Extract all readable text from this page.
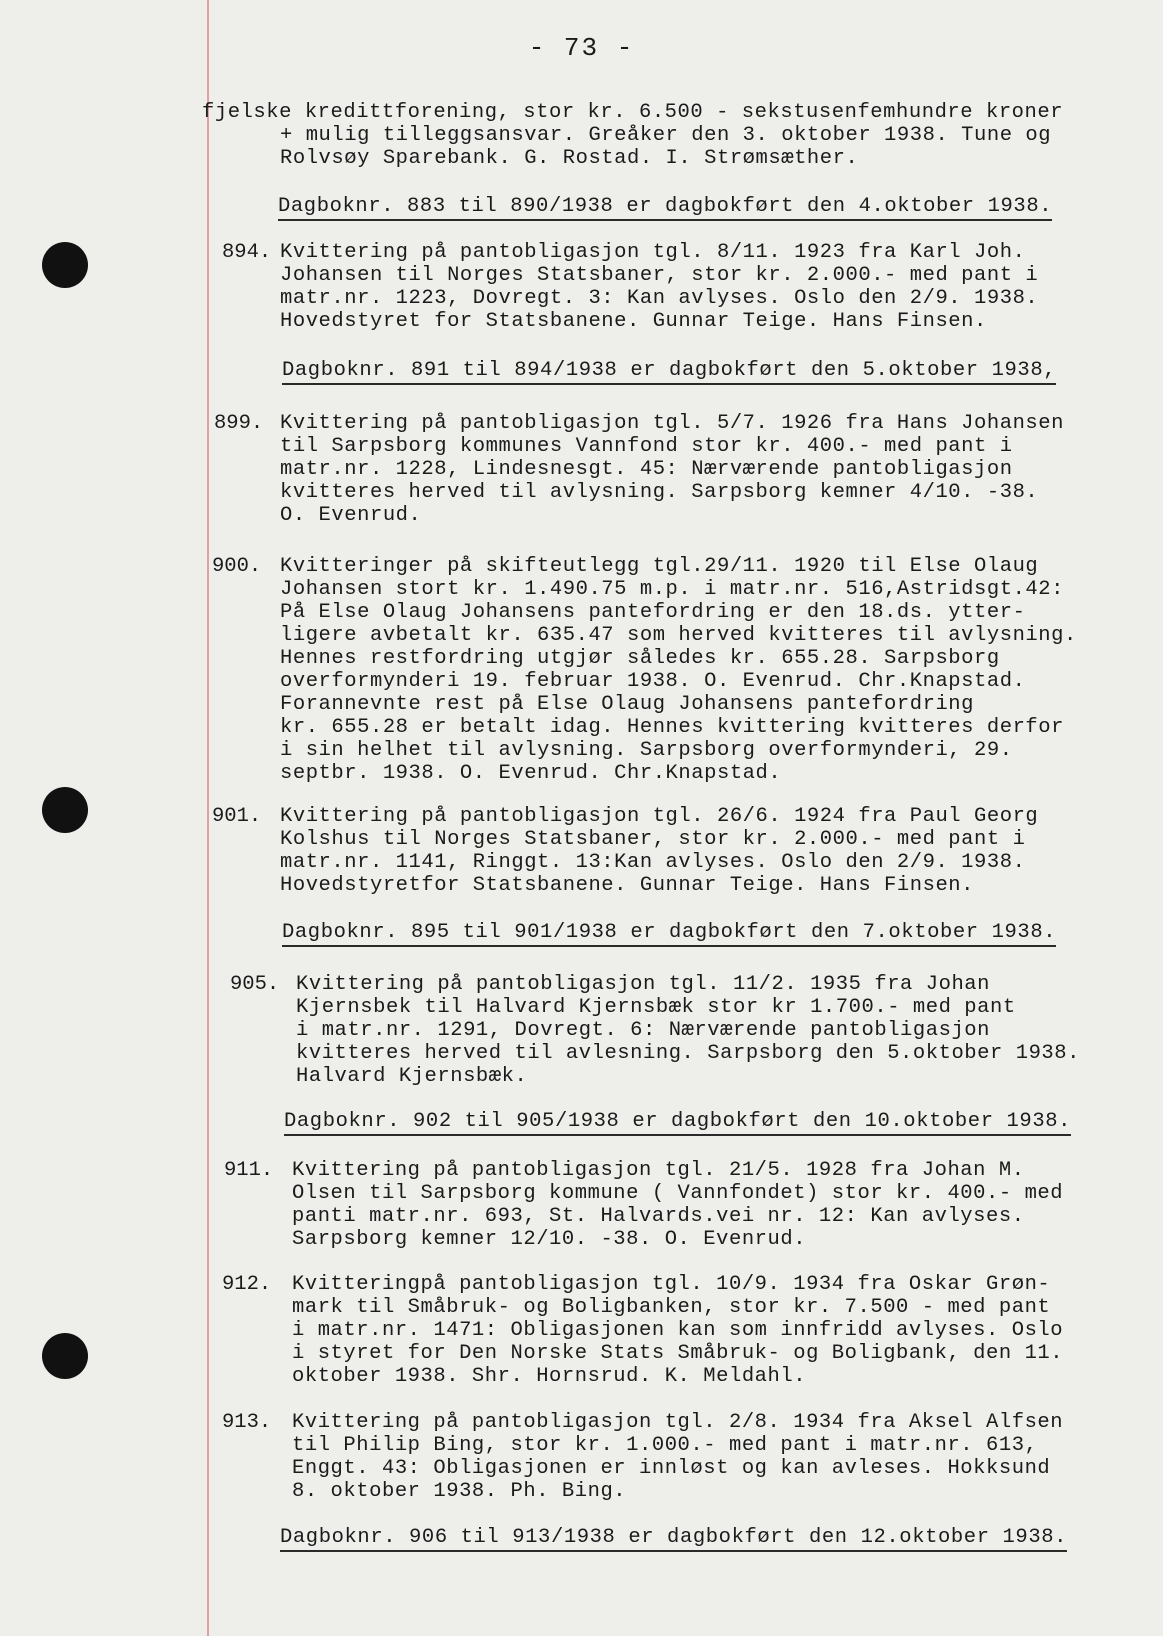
- 73 -
fjelske kredittforening, stor kr. 6.500 - sekstusenfemhundre kroner
+ mulig tilleggsansvar. Greåker den 3. oktober 1938. Tune og
Rolvsøy Sparebank. G. Rostad. I. Strømsæther.
Dagboknr. 883 til 890/1938 er dagbokført den 4.oktober 1938.
894. Kvittering på pantobligasjon tgl. 8/11. 1923 fra Karl Joh.
Johansen til Norges Statsbaner, stor kr. 2.000.- med pant i
matr.nr. 1223, Dovregt. 3: Kan avlyses. Oslo den 2/9. 1938.
Hovedstyret for Statsbanene. Gunnar Teige. Hans Finsen.
Dagboknr. 891 til 894/1938 er dagbokført den 5.oktober 1938,
899. Kvittering på pantobligasjon tgl. 5/7. 1926 fra Hans Johansen
til Sarpsborg kommunes Vannfond stor kr. 400.- med pant i
matr.nr. 1228, Lindesnesgt. 45: Nærværende pantobligasjon
kvitteres herved til avlysning. Sarpsborg kemner 4/10. -38.
O. Evenrud.
900. Kvitteringer på skifteutlegg tgl.29/11. 1920 til Else Olaug
Johansen stort kr. 1.490.75 m.p. i matr.nr. 516,Astridsgt.42:
På Else Olaug Johansens pantefordring er den 18.ds. ytter-
ligere avbetalt kr. 635.47 som herved kvitteres til avlysning.
Hennes restfordring utgjør således kr. 655.28. Sarpsborg
overformynderi 19. februar 1938. O. Evenrud. Chr.Knapstad.
Forannevnte rest på Else Olaug Johansens pantefordring
kr. 655.28 er betalt idag. Hennes kvittering kvitteres derfor
i sin helhet til avlysning. Sarpsborg overformynderi, 29.
septbr. 1938. O. Evenrud. Chr.Knapstad.
901. Kvittering på pantobligasjon tgl. 26/6. 1924 fra Paul Georg
Kolshus til Norges Statsbaner, stor kr. 2.000.- med pant i
matr.nr. 1141, Ringgt. 13:Kan avlyses. Oslo den 2/9. 1938.
Hovedstyretfor Statsbanene. Gunnar Teige. Hans Finsen.
Dagboknr. 895 til 901/1938 er dagbokført den 7.oktober 1938.
905. Kvittering på pantobligasjon tgl. 11/2. 1935 fra Johan
Kjernsbek til Halvard Kjernsbæk stor kr 1.700.- med pant
i matr.nr. 1291, Dovregt. 6: Nærværende pantobligasjon
kvitteres herved til avlesning. Sarpsborg den 5.oktober 1938.
Halvard Kjernsbæk.
Dagboknr. 902 til 905/1938 er dagbokført den 10.oktober 1938.
911. Kvittering på pantobligasjon tgl. 21/5. 1928 fra Johan M.
Olsen til Sarpsborg kommune ( Vannfondet) stor kr. 400.- med
panti matr.nr. 693, St. Halvards.vei nr. 12: Kan avlyses.
Sarpsborg kemner 12/10. -38. O. Evenrud.
912. Kvitteringpå pantobligasjon tgl. 10/9. 1934 fra Oskar Grøn-
mark til Småbruk- og Boligbanken, stor kr. 7.500 - med pant
i matr.nr. 1471: Obligasjonen kan som innfridd avlyses. Oslo
i styret for Den Norske Stats Småbruk- og Boligbank, den 11.
oktober 1938. Shr. Hornsrud. K. Meldahl.
913. Kvittering på pantobligasjon tgl. 2/8. 1934 fra Aksel Alfsen
til Philip Bing, stor kr. 1.000.- med pant i matr.nr. 613,
Enggt. 43: Obligasjonen er innløst og kan avleses. Hokksund
8. oktober 1938. Ph. Bing.
Dagboknr. 906 til 913/1938 er dagbokført den 12.oktober 1938.
